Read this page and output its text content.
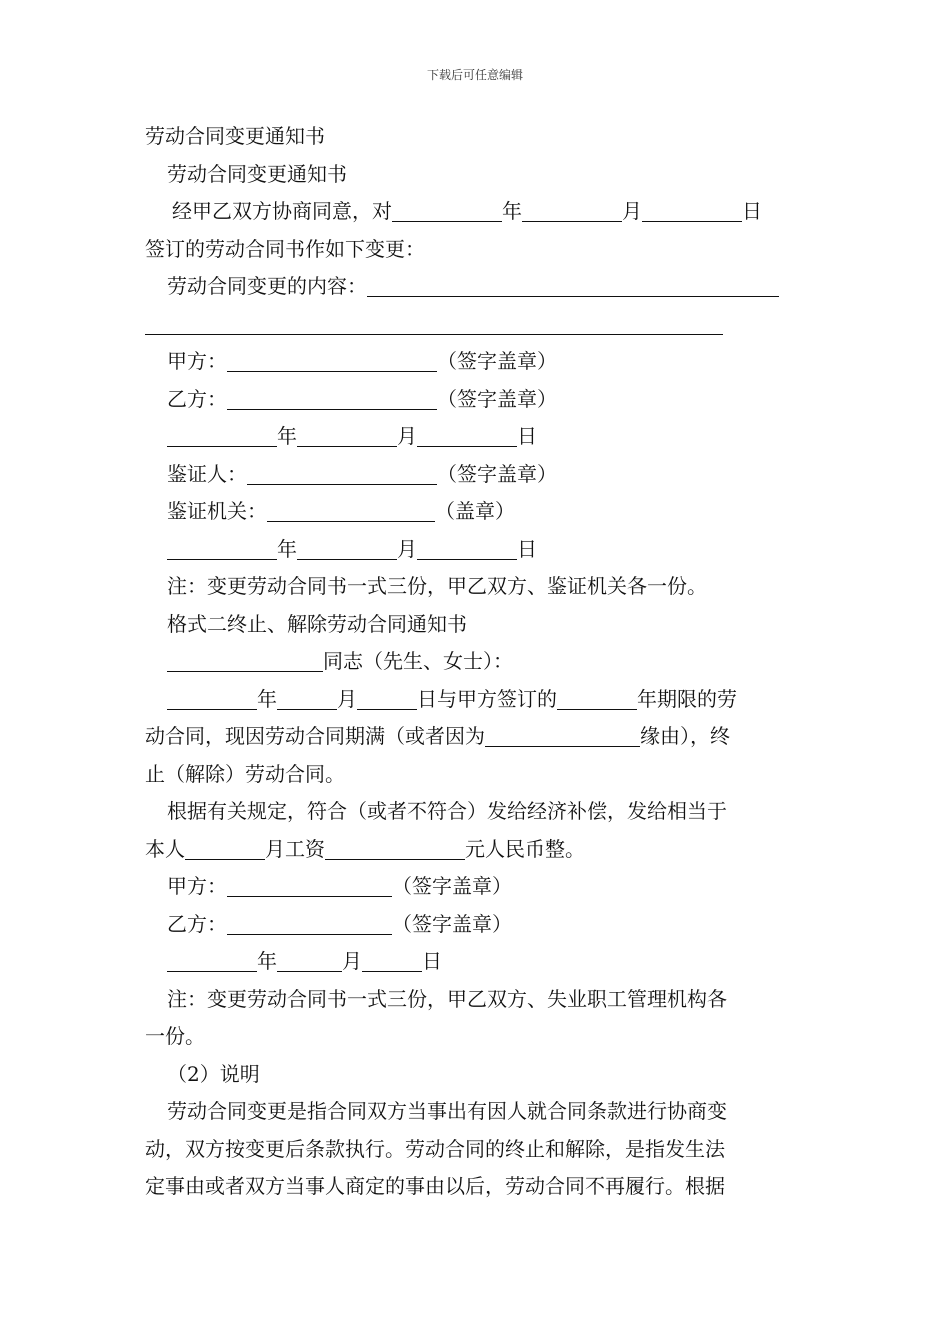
下载后可任意编辑
劳动合同变更通知书
劳动合同变更通知书
经甲乙双方协商同意，对	年	月	日
签订的劳动合同书作如下变更：
劳动合同变更的内容：
甲方：	（签字盖章）
乙方：	（签字盖章）
年	月	日
鉴证人：	（签字盖章）
鉴证机关：	（盖章）
年	月	日
注：变更劳动合同书一式三份，甲乙双方、鉴证机关各一份。
格式二终止、解除劳动合同通知书
同志（先生、女士）：
年	月	日与甲方签订的	年期限的劳
动合同，现因劳动合同期满（或者因为	缘由），终
止（解除）劳动合同。
根据有关规定，符合（或者不符合）发给经济补偿，发给相当于
本人	月工资	元人民币整。
甲方：	（签字盖章）
乙方：	（签字盖章）
年	月	日
注：变更劳动合同书一式三份，甲乙双方、失业职工管理机构各
一份。
（2）说明
劳动合同变更是指合同双方当事出有因人就合同条款进行协商变
动，双方按变更后条款执行。劳动合同的终止和解除，是指发生法
定事由或者双方当事人商定的事由以后，劳动合同不再履行。根据
